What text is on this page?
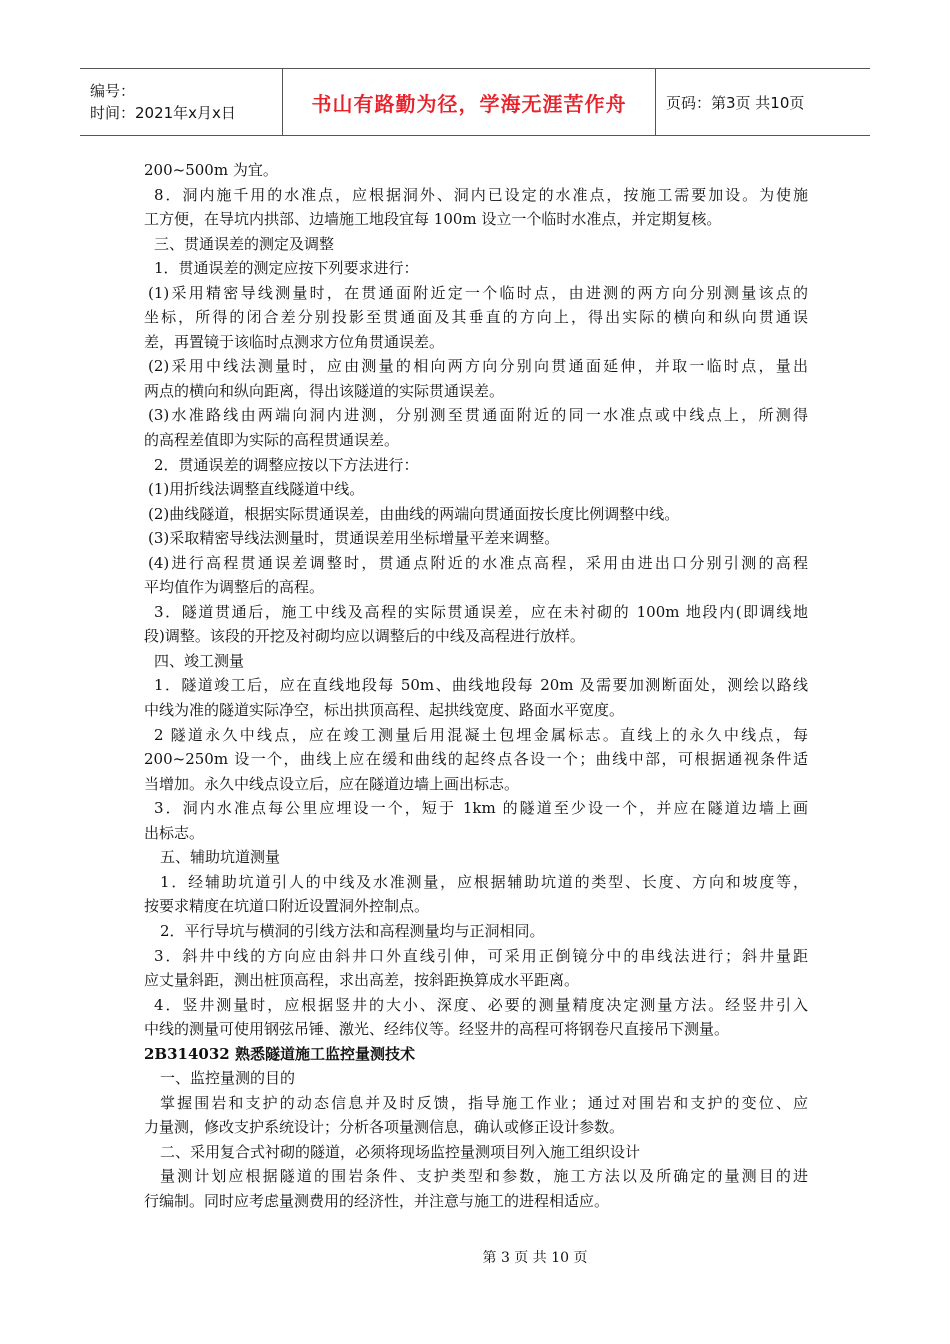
编号：
时间：2021年x月x日	书山有路勤为径，学海无涯苦作舟	页码：第3页 共10页
200~500m 为宜。
8．洞内施千用的水准点，应根据洞外、洞内已设定的水准点，按施工需要加设。为使施
工方便，在导坑内拱部、边墙施工地段宜每 100m 设立一个临时水准点，并定期复核。
三、贯通误差的测定及调整
1．贯通误差的测定应按下列要求进行：
(1)采用精密导线测量时，在贯通面附近定一个临时点，由进测的两方向分别测量该点的
坐标，所得的闭合差分别投影至贯通面及其垂直的方向上，得出实际的横向和纵向贯通误
差，再置镜于该临时点测求方位角贯通误差。
(2)采用中线法测量时，应由测量的相向两方向分别向贯通面延伸，并取一临时点，量出
两点的横向和纵向距离，得出该隧道的实际贯通误差。
(3)水准路线由两端向洞内进测，分别测至贯通面附近的同一水准点或中线点上，所测得
的高程差值即为实际的高程贯通误差。
2．贯通误差的调整应按以下方法进行：
(1)用折线法调整直线隧道中线。
(2)曲线隧道，根据实际贯通误差，由曲线的两端向贯通面按长度比例调整中线。
(3)采取精密导线法测量时，贯通误差用坐标增量平差来调整。
(4)进行高程贯通误差调整时，贯通点附近的水准点高程，采用由进出口分别引测的高程
平均值作为调整后的高程。
3．隧道贯通后，施工中线及高程的实际贯通误差，应在未衬砌的 100m 地段内(即调线地
段)调整。该段的开挖及衬砌均应以调整后的中线及高程进行放样。
四、竣工测量
1．隧道竣工后，应在直线地段每 50m、曲线地段每 20m 及需要加测断面处，测绘以路线
中线为准的隧道实际净空，标出拱顶高程、起拱线宽度、路面水平宽度。
2 隧道永久中线点，应在竣工测量后用混凝土包埋金属标志。直线上的永久中线点，每
200~250m 设一个，曲线上应在缓和曲线的起终点各设一个；曲线中部，可根据通视条件适
当增加。永久中线点设立后，应在隧道边墙上画出标志。
3．洞内水准点每公里应埋设一个，短于 1km 的隧道至少设一个，并应在隧道边墙上画
出标志。
五、辅助坑道测量
1．经辅助坑道引人的中线及水准测量，应根据辅助坑道的类型、长度、方向和坡度等，
按要求精度在坑道口附近设置洞外控制点。
2．平行导坑与横洞的引线方法和高程测量均与正洞相同。
3．斜井中线的方向应由斜井口外直线引伸，可采用正倒镜分中的串线法进行；斜井量距
应丈量斜距，测出桩顶高程，求出高差，按斜距换算成水平距离。
4．竖井测量时，应根据竖井的大小、深度、必要的测量精度决定测量方法。经竖井引入
中线的测量可使用钢弦吊锤、激光、经纬仪等。经竖井的高程可将钢卷尺直接吊下测量。
2B314032 熟悉隧道施工监控量测技术
一、监控量测的目的
掌握围岩和支护的动态信息并及时反馈，指导施工作业；通过对围岩和支护的变位、应
力量测，修改支护系统设计；分析各项量测信息，确认或修正设计参数。
二、采用复合式衬砌的隧道，必须将现场监控量测项目列入施工组织设计
量测计划应根据隧道的围岩条件、支护类型和参数，施工方法以及所确定的量测目的进
行编制。同时应考虑量测费用的经济性，并注意与施工的进程相适应。
第 3 页 共 10 页
